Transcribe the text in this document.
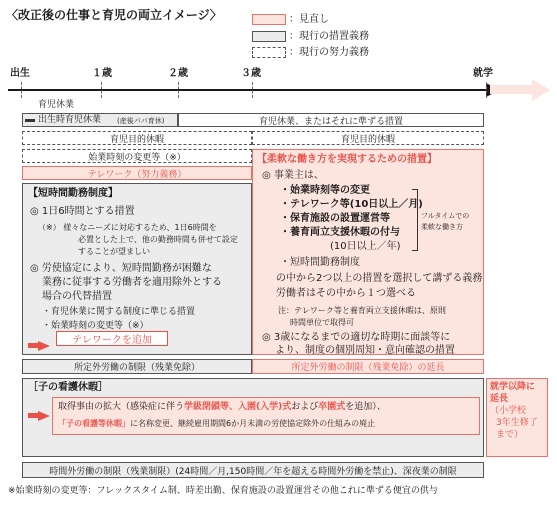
〈改正後の仕事と育児の両立イメージ〉	：見直し
：現行の措置義務
：現行の努力義務
出生	１歳	２歳	３歳	就学
育児休業
出生時育児休業 (産後パパ育休)	育児休業、またはそれに準ずる措置
育児目的休暇	育児目的休暇
始業時刻の変更等（※）
テレワーク（努力義務）
【短時間勤務制度】
◎ 1日6時間とする措置
（※） 様々なニーズに対応するため、1日6時間を
必置とした上で、他の勤務時間も併せて設定
することが望ましい
◎ 労使協定により、短時間勤務が困難な
業務に従事する労働者を適用除外とする
場合の代替措置
・育児休業に関する制度に準じる措置
・始業時刻の変更等（※）
テレワークを追加
【柔軟な働き方を実現するための措置】
◎ 事業主は、
・始業時刻等の変更
・テレワーク等(10日以上／月)
・保育施設の設置運営等
・養育両立支援休暇の付与
(10日以上／年)
フルタイムでの
柔軟な働き方
・短時間勤務制度
の中から2つ以上の措置を選択して講ずる義務
労働者はその中から１つ選べる
注：テレワーク等と養育両立支援休暇は、原則
時間単位で取得可
◎ 3歳になるまでの適切な時期に面談等に
より、制度の個別周知・意向確認の措置
所定外労働の制限（残業免除）	所定外労働の制限（残業免除）の延長
［子の看護休暇］
取得事由の拡大（感染症に伴う学級閉鎖等、入園(入学)式および卒園式を追加）、
「子の看護等休暇」に名称変更、継続雇用期間6か月未満の労使協定除外の仕組みの廃止
就学以降に
延長
（小学校
3年生修了
まで）
時間外労働の制限（残業制限）(24時間／月,150時間／年を超える時間外労働を禁止)、深夜業の制限
※始業時刻の変更等：フレックスタイム制、時差出勤、保育施設の設置運営その他これに準ずる便宜の供与
